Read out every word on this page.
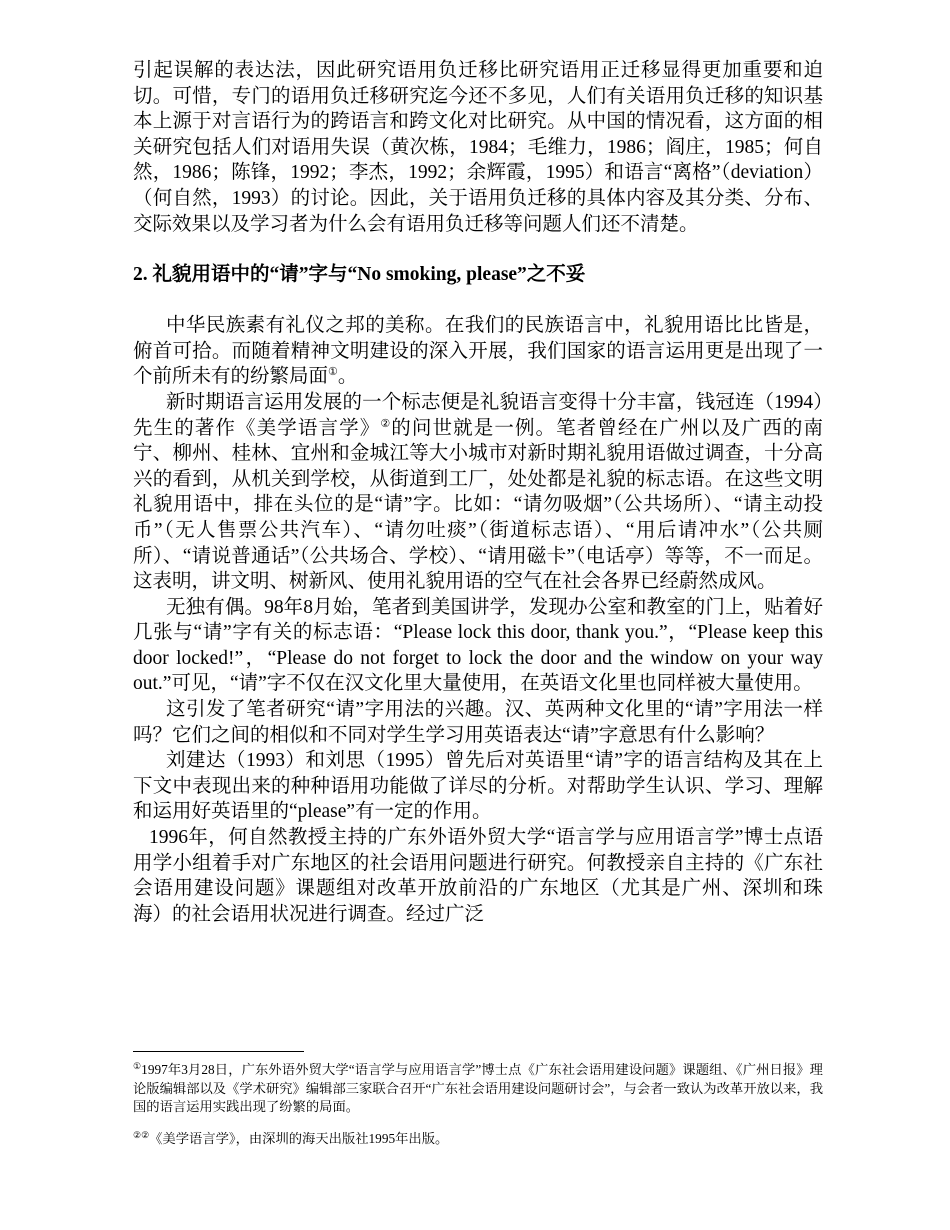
引起误解的表达法，因此研究语用负迁移比研究语用正迁移显得更加重要和迫切。可惜，专门的语用负迁移研究迄今还不多见，人们有关语用负迁移的知识基本上源于对言语行为的跨语言和跨文化对比研究。从中国的情况看，这方面的相关研究包括人们对语用失误（黄次栋，1984；毛维力，1986；阎庄，1985；何自然，1986；陈锋，1992；李杰，1992；余辉霞，1995）和语言“离格”（deviation）（何自然，1993）的讨论。因此，关于语用负迁移的具体内容及其分类、分布、交际效果以及学习者为什么会有语用负迁移等问题人们还不清楚。

2. 礼貌用语中的“请”字与“No smoking, please”之不妥

中华民族素有礼仪之邦的美称。在我们的民族语言中，礼貌用语比比皆是，俯首可拾。而随着精神文明建设的深入开展，我们国家的语言运用更是出现了一个前所未有的纷繁局面①。

新时期语言运用发展的一个标志便是礼貌语言变得十分丰富，钱冠连（1994）先生的著作《美学语言学》②的问世就是一例。笔者曾经在广州以及广西的南宁、柳州、桂林、宜州和金城江等大小城市对新时期礼貌用语做过调查，十分高兴的看到，从机关到学校，从街道到工厂，处处都是礼貌的标志语。在这些文明礼貌用语中，排在头位的是“请”字。比如：“请勿吸烟”（公共场所）、“请主动投币”（无人售票公共汽车）、“请勿吐痰”（街道标志语）、“用后请冲水”（公共厕所）、“请说普通话”（公共场合、学校）、“请用磁卡”（电话亭）等等，不一而足。这表明，讲文明、树新风、使用礼貌用语的空气在社会各界已经蔚然成风。

无独有偶。98年8月始，笔者到美国讲学，发现办公室和教室的门上，贴着好几张与“请”字有关的标志语：“Please lock this door, thank you.”，“Please keep this door locked!”，“Please do not forget to lock the door and the window on your way out.”可见，“请”字不仅在汉文化里大量使用，在英语文化里也同样被大量使用。

这引发了笔者研究“请”字用法的兴趣。汉、英两种文化里的“请”字用法一样吗？它们之间的相似和不同对学生学习用英语表达“请”字意思有什么影响？

刘建达（1993）和刘思（1995）曾先后对英语里“请”字的语言结构及其在上下文中表现出来的种种语用功能做了详尽的分析。对帮助学生认识、学习、理解和运用好英语里的“please”有一定的作用。

1996年，何自然教授主持的广东外语外贸大学“语言学与应用语言学”博士点语用学小组着手对广东地区的社会语用问题进行研究。何教授亲自主持的《广东社会语用建设问题》课题组对改革开放前沿的广东地区（尤其是广州、深圳和珠海）的社会语用状况进行调查。经过广泛

①1997年3月28日，广东外语外贸大学“语言学与应用语言学”博士点《广东社会语用建设问题》课题组、《广州日报》理论版编辑部以及《学术研究》编辑部三家联合召开“广东社会语用建设问题研讨会”，与会者一致认为改革开放以来，我国的语言运用实践出现了纷繁的局面。

②②《美学语言学》，由深圳的海天出版社1995年出版。
